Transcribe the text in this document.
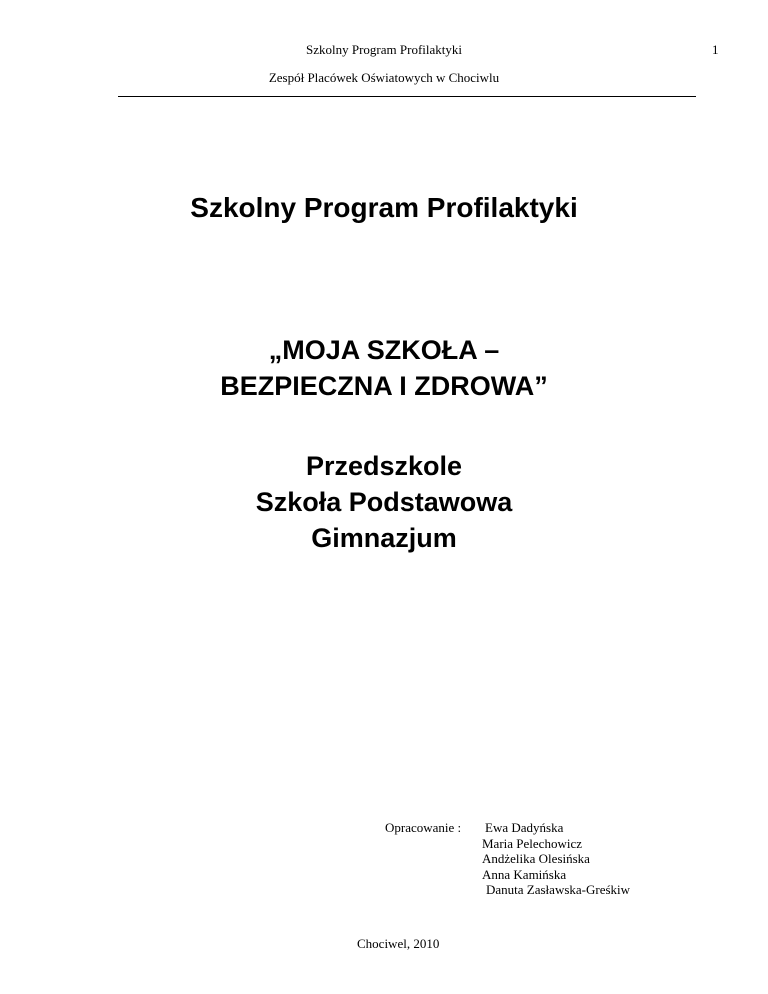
Szkolny Program Profilaktyki	1
Zespół Placówek Oświatowych w Chociwlu
Szkolny Program Profilaktyki
„MOJA SZKOŁA –
BEZPIECZNA I ZDROWA”
Przedszkole
Szkoła Podstawowa
Gimnazjum
Opracowanie : Ewa Dadyńska
Maria Pelechowicz
Andżelika Olesińska
Anna Kamińska
Danuta Zasławska-Greśkiw
Chociwel, 2010
